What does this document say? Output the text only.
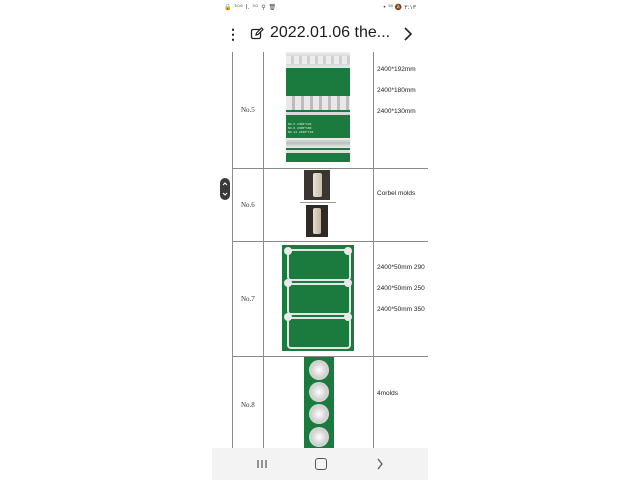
🔒 ⁵⁰⁶ ⅼ. ⁵ᴳ ⚲ 🗑	• ⁵⁰ 🔕 ٣:١٣
⋮ 2022.01.06 the...
No.5
NO.5 2400*192
NO.6 2400*180
NO.12 2400*130
2400*192mm
2400*180mm
2400*130mm
No.6
Corbel molds
No.7
2400*50mm 290
2400*50mm 250
2400*50mm 350
No.8
4molds
